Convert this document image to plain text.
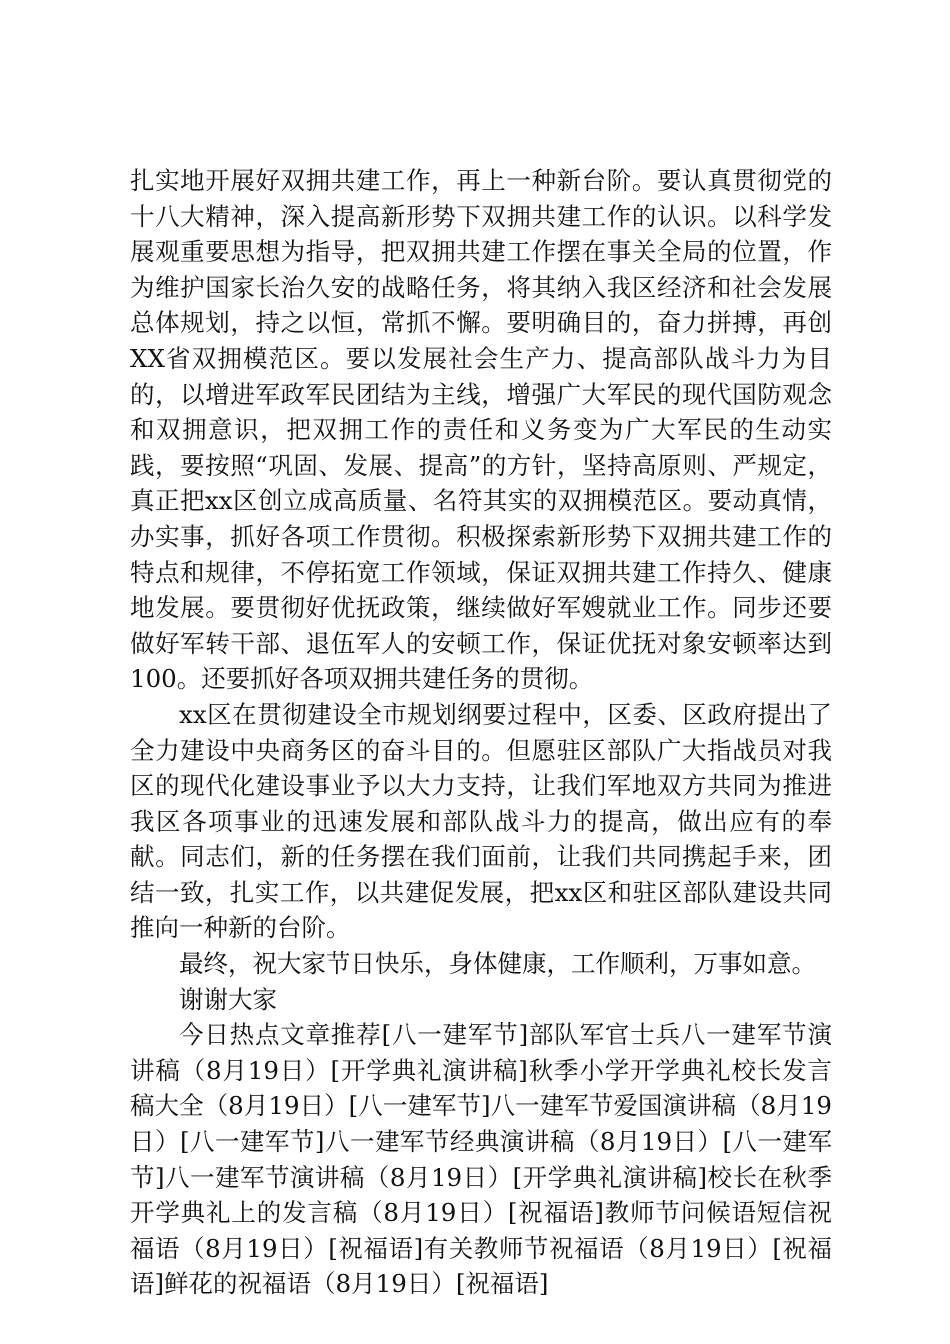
扎实地开展好双拥共建工作，再上一种新台阶。要认真贯彻党的十八大精神，深入提高新形势下双拥共建工作的认识。以科学发展观重要思想为指导，把双拥共建工作摆在事关全局的位置，作为维护国家长治久安的战略任务，将其纳入我区经济和社会发展总体规划，持之以恒，常抓不懈。要明确目的，奋力拼搏，再创XX省双拥模范区。要以发展社会生产力、提高部队战斗力为目的，以增进军政军民团结为主线，增强广大军民的现代国防观念和双拥意识，把双拥工作的责任和义务变为广大军民的生动实践，要按照“巩固、发展、提高”的方针，坚持高原则、严规定，真正把xx区创立成高质量、名符其实的双拥模范区。要动真情，办实事，抓好各项工作贯彻。积极探索新形势下双拥共建工作的特点和规律，不停拓宽工作领域，保证双拥共建工作持久、健康地发展。要贯彻好优抚政策，继续做好军嫂就业工作。同步还要做好军转干部、退伍军人的安顿工作，保证优抚对象安顿率达到100。还要抓好各项双拥共建任务的贯彻。

xx区在贯彻建设全市规划纲要过程中，区委、区政府提出了全力建设中央商务区的奋斗目的。但愿驻区部队广大指战员对我区的现代化建设事业予以大力支持，让我们军地双方共同为推进我区各项事业的迅速发展和部队战斗力的提高，做出应有的奉献。同志们，新的任务摆在我们面前，让我们共同携起手来，团结一致，扎实工作，以共建促发展，把xx区和驻区部队建设共同推向一种新的台阶。

最终，祝大家节日快乐，身体健康，工作顺利，万事如意。

谢谢大家

今日热点文章推荐[八一建军节]部队军官士兵八一建军节演讲稿（8月19日）[开学典礼演讲稿]秋季小学开学典礼校长发言稿大全（8月19日）[八一建军节]八一建军节爱国演讲稿（8月19日）[八一建军节]八一建军节经典演讲稿（8月19日）[八一建军节]八一建军节演讲稿（8月19日）[开学典礼演讲稿]校长在秋季开学典礼上的发言稿（8月19日）[祝福语]教师节问候语短信祝福语（8月19日）[祝福语]有关教师节祝福语（8月19日）[祝福语]鲜花的祝福语（8月19日）[祝福语]
